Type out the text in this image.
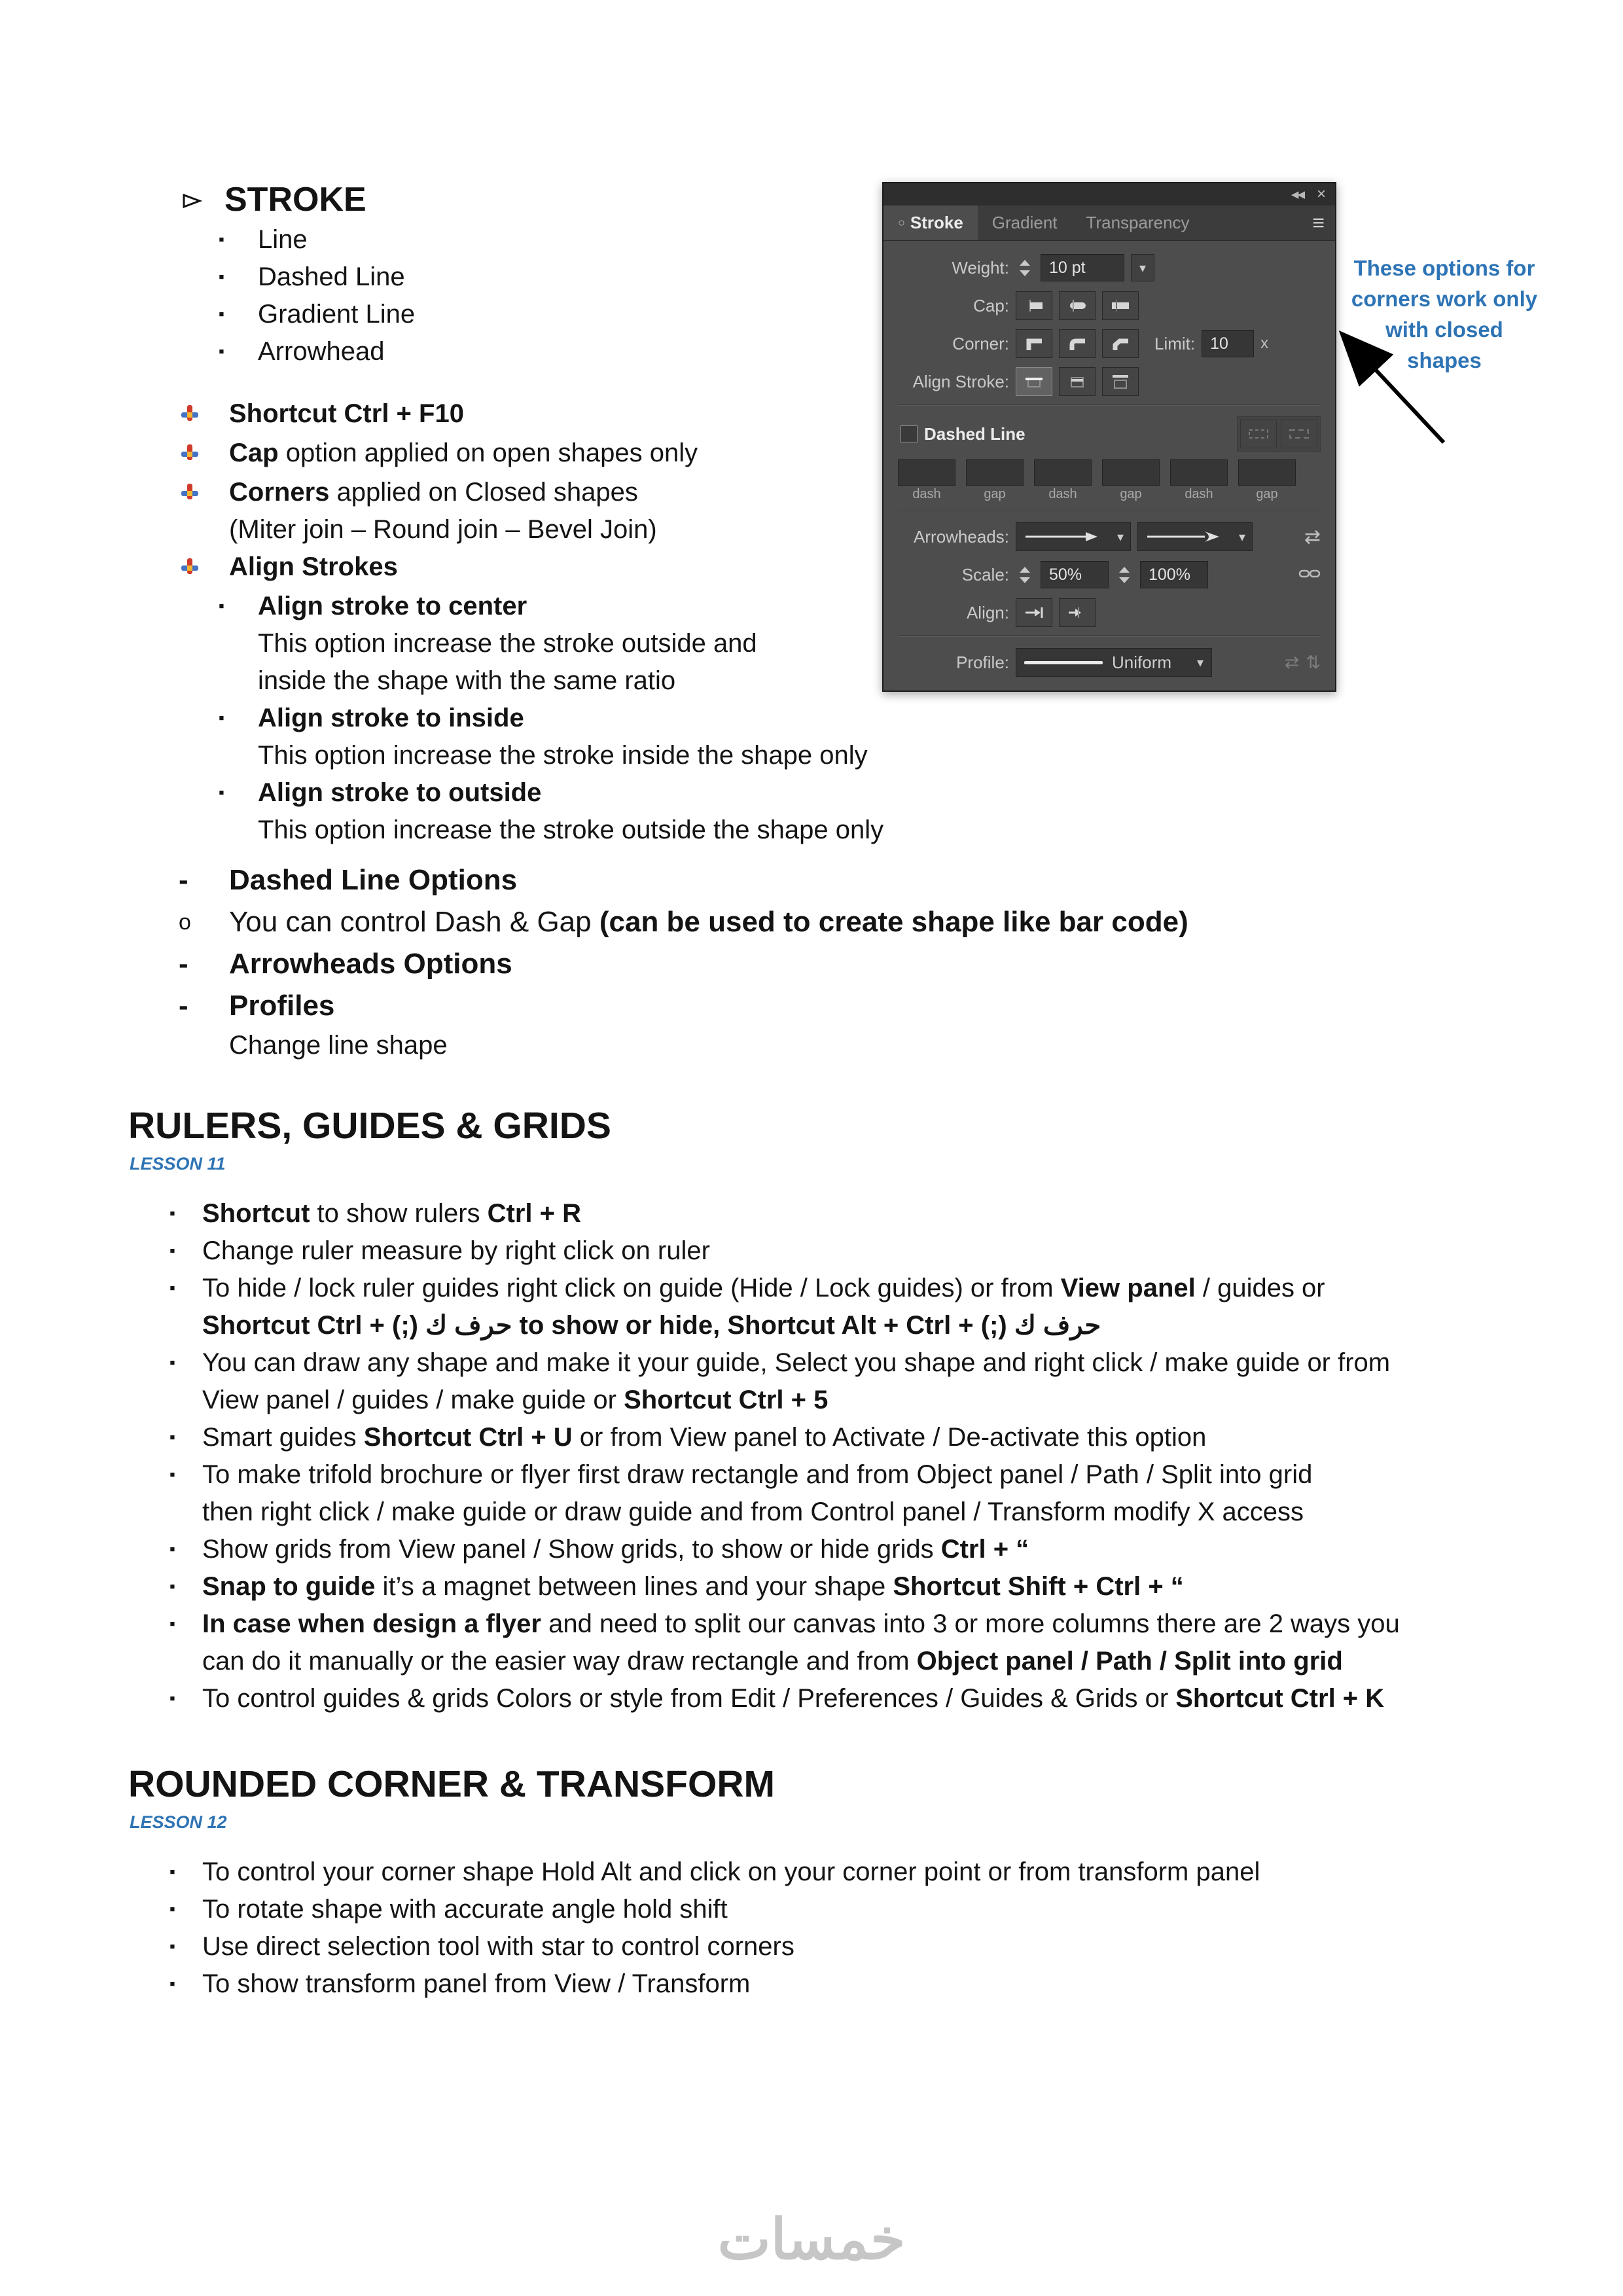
STROKE
▪	Line
▪	Dashed Line
▪	Gradient Line
▪	Arrowhead
Shortcut Ctrl + F10
Cap option applied on open shapes only
Corners applied on Closed shapes
(Miter join – Round join – Bevel Join)
Align Strokes
▪	Align stroke to center
This option increase the stroke outside and
inside the shape with the same ratio
▪	Align stroke to inside
This option increase the stroke inside the shape only
▪	Align stroke to outside
This option increase the stroke outside the shape only
-	Dashed Line Options
o	You can control Dash & Gap (can be used to create shape like bar code)
-	Arrowheads Options
-	Profiles
Change line shape
RULERS, GUIDES & GRIDS
LESSON 11
▪	Shortcut to show rulers Ctrl + R
▪	Change ruler measure by right click on ruler
▪	To hide / lock ruler guides right click on guide (Hide / Lock guides) or from View panel / guides or
Shortcut Ctrl + (;) حرف ك to show or hide, Shortcut Alt + Ctrl + (;) حرف ك
▪	You can draw any shape and make it your guide, Select you shape and right click / make guide or from
View panel / guides / make guide or Shortcut Ctrl + 5
▪	Smart guides Shortcut Ctrl + U or from View panel to Activate / De-activate this option
▪	To make trifold brochure or flyer first draw rectangle and from Object panel / Path / Split into grid
then right click / make guide or draw guide and from Control panel / Transform modify X access
▪	Show grids from View panel / Show grids, to show or hide grids Ctrl + “
▪	Snap to guide it’s a magnet between lines and your shape Shortcut Shift + Ctrl + “
▪	In case when design a flyer and need to split our canvas into 3 or more columns there are 2 ways you
can do it manually or the easier way draw rectangle and from Object panel / Path / Split into grid
▪	To control guides & grids Colors or style from Edit / Preferences / Guides & Grids or Shortcut Ctrl + K
ROUNDED CORNER & TRANSFORM
LESSON 12
▪	To control your corner shape Hold Alt and click on your corner point or from transform panel
▪	To rotate shape with accurate angle hold shift
▪	Use direct selection tool with star to control corners
▪	To show transform panel from View / Transform
◀◀ ×
○ Stroke	Gradient	Transparency	≡
Weight:	10 pt	▾
Cap:
Corner:	Limit: 10	x
Align Stroke:
Dashed Line
dash	gap	dash	gap	dash	gap
Arrowheads:	▾	▾	⇄
Scale:	50%	100%
Align:
Profile:	Uniform ▾	⇄ ⇅
These options for
corners work only
with closed
shapes
خمسات
